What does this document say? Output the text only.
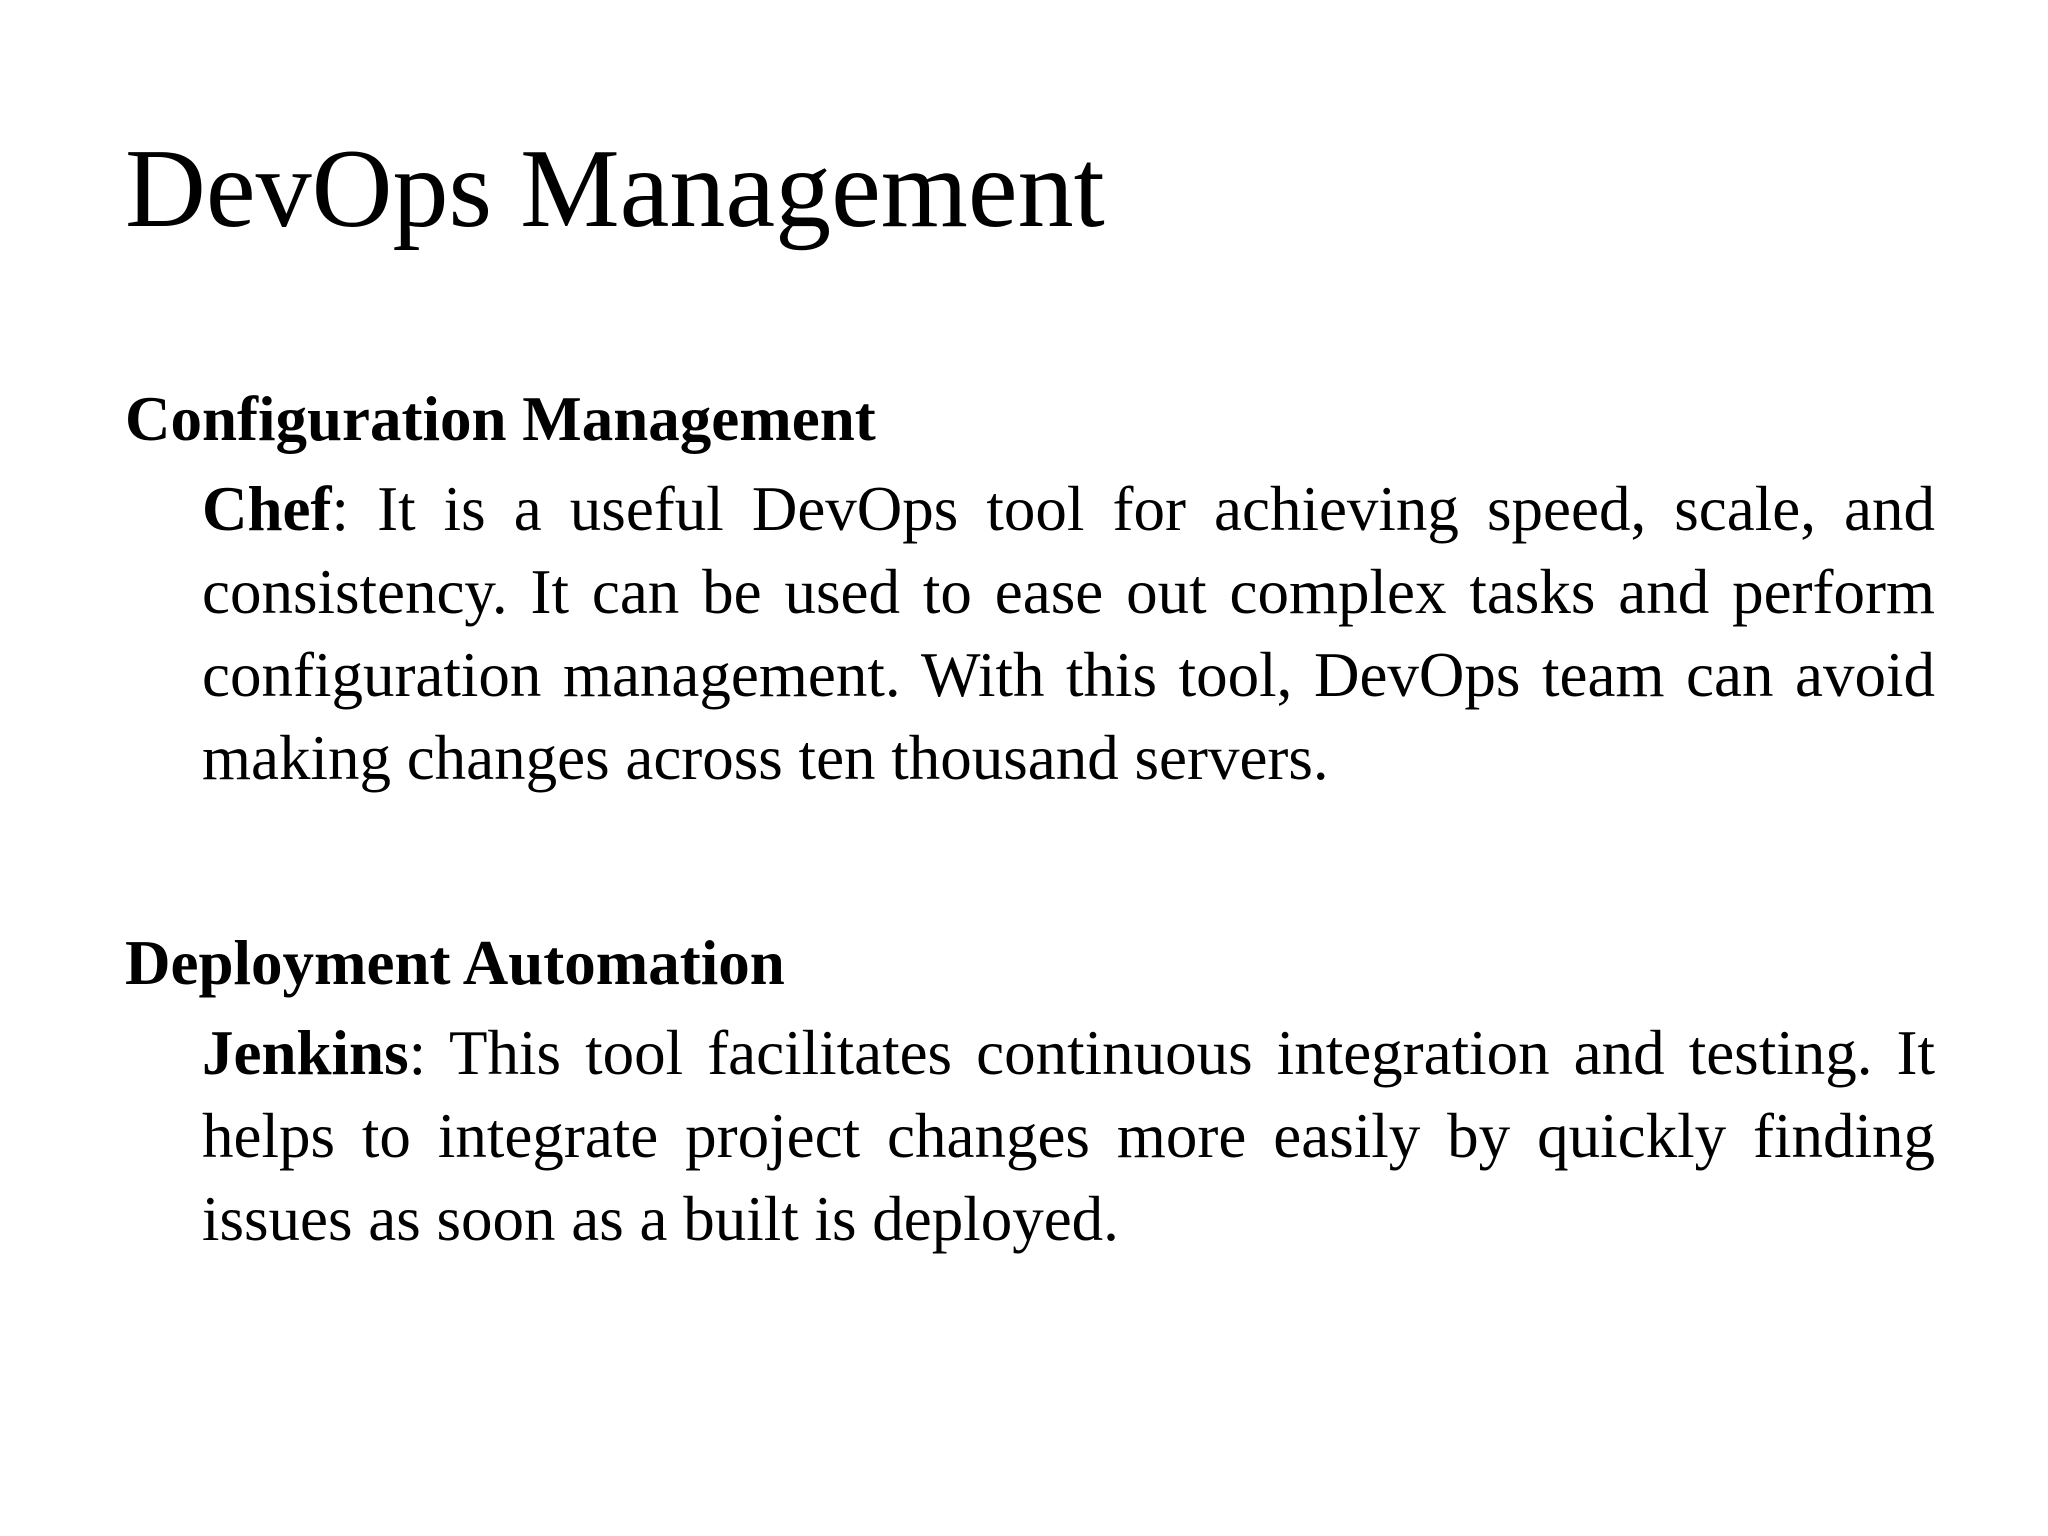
DevOps Management
Configuration Management

Chef: It is a useful DevOps tool for achieving speed, scale, and consistency. It can be used to ease out complex tasks and perform configuration management. With this tool, DevOps team can avoid making changes across ten thousand servers.

Deployment Automation

Jenkins: This tool facilitates continuous integration and testing. It helps to integrate project changes more easily by quickly finding issues as soon as a built is deployed.
